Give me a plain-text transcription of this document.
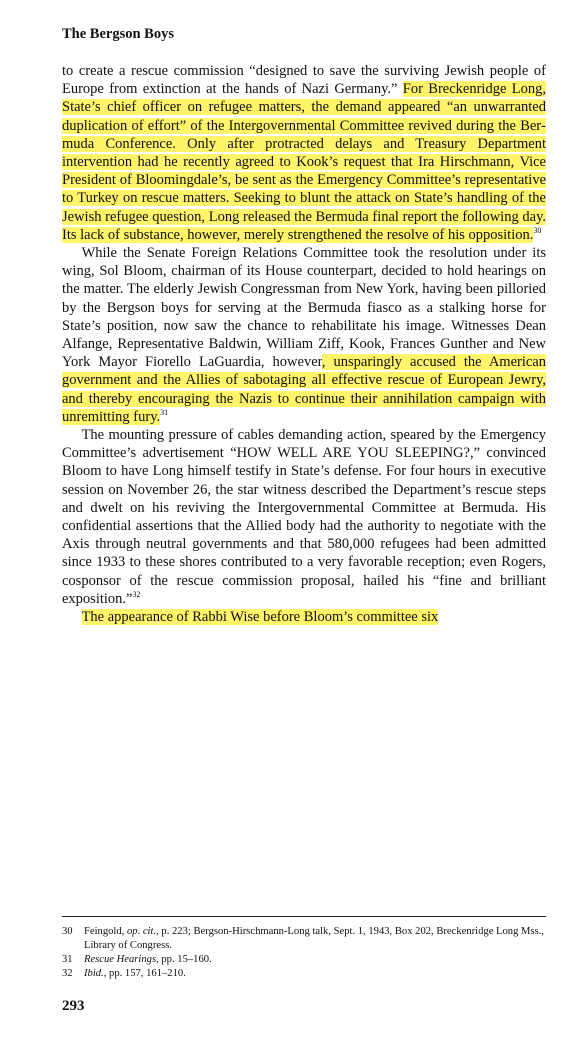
The Bergson Boys

to create a rescue commission “designed to save the surviving Jewish people of Europe from extinction at the hands of Nazi Germany.” For Breckenridge Long, State’s chief officer on refugee matters, the demand appeared “an unwarranted duplication of effort” of the Intergovernmental Committee revived during the Bermuda Conference. Only after protracted delays and Treasury Department intervention had he recently agreed to Kook’s request that Ira Hirschmann, Vice President of Bloomingdale’s, be sent as the Emergency Committee’s representative to Turkey on rescue matters. Seeking to blunt the attack on State’s handling of the Jewish refugee question, Long released the Bermuda final report the following day. Its lack of substance, however, merely strengthened the resolve of his opposition.$^{30}$

While the Senate Foreign Relations Committee took the resolution under its wing, Sol Bloom, chairman of its House counterpart, decided to hold hearings on the matter. The elderly Jewish Congressman from New York, having been pilloried by the Bergson boys for serving at the Bermuda fiasco as a stalking horse for State’s position, now saw the chance to rehabilitate his image. Witnesses Dean Alfange, Representative Baldwin, William Ziff, Kook, Frances Gunther and New York Mayor Fiorello LaGuardia, however, unsparingly accused the American government and the Allies of sabotaging all effective rescue of European Jewry, and thereby encouraging the Nazis to continue their annihilation campaign with unremitting fury.$^{31}$

The mounting pressure of cables demanding action, speared by the Emergency Committee’s advertisement “HOW WELL ARE YOU SLEEPING?,” convinced Bloom to have Long himself testify in State’s defense. For four hours in executive session on November 26, the star witness described the Department’s rescue steps and dwelt on his reviving the Intergovernmental Committee at Bermuda. His confidential assertions that the Allied body had the authority to negotiate with the Axis through neutral governments and that 580,000 refugees had been admitted since 1933 to these shores contributed to a very favorable reception; even Rogers, cosponsor of the rescue commission proposal, hailed his “fine and brilliant exposition.”$^{32}$

The appearance of Rabbi Wise before Bloom’s committee six

30	Feingold, op. cit., p. 223; Bergson-Hirschmann-Long talk, Sept. 1, 1943, Box 202, Breckenridge Long Mss., Library of Congress.
31	Rescue Hearings, pp. 15–160.
32	Ibid., pp. 157, 161–210.
293
